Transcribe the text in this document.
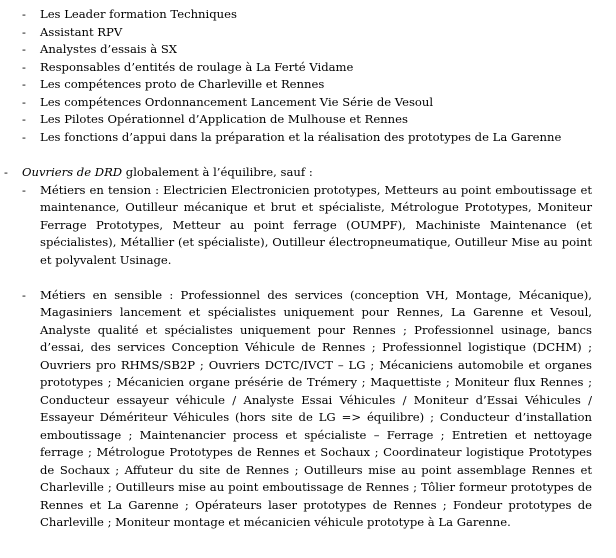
- Les Leader formation Techniques
- Assistant RPV
- Analystes d’essais à SX
- Responsables d’entités de roulage à La Ferté Vidame
- Les compétences proto de Charleville et Rennes
- Les compétences Ordonnancement Lancement Vie Série de Vesoul
- Les Pilotes Opérationnel d’Application de Mulhouse et Rennes
- Les fonctions d’appui dans la préparation et la réalisation des prototypes de La Garenne
- Ouvriers de DRD globalement à l’équilibre, sauf :
- Métiers en tension : Electricien Electronicien prototypes, Metteurs au point emboutissage et maintenance, Outilleur mécanique et brut et spécialiste, Métrologue Prototypes, Moniteur Ferrage Prototypes, Metteur au point ferrage (OUMPF), Machiniste Maintenance (et spécialistes), Métallier (et spécialiste), Outilleur électropneumatique, Outilleur Mise au point et polyvalent Usinage.
- Métiers en sensible : Professionnel des services (conception VH, Montage, Mécanique), Magasiniers lancement et spécialistes uniquement pour Rennes, La Garenne et Vesoul, Analyste qualité et spécialistes uniquement pour Rennes ; Professionnel usinage, bancs d’essai, des services Conception Véhicule de Rennes ; Professionnel logistique (DCHM) ; Ouvriers pro RHMS/SB2P ; Ouvriers DCTC/IVCT – LG ; Mécaniciens automobile et organes prototypes ; Mécanicien organe présérie de Trémery ; Maquettiste ; Moniteur flux Rennes ; Conducteur essayeur véhicule / Analyste Essai Véhicules / Moniteur d’Essai Véhicules / Essayeur Démériteur Véhicules (hors site de LG => équilibre) ; Conducteur d’installation emboutissage ; Maintenancier process et spécialiste – Ferrage ; Entretien et nettoyage ferrage ; Métrologue Prototypes de Rennes et Sochaux ; Coordinateur logistique Prototypes de Sochaux ; Affuteur du site de Rennes ; Outilleurs mise au point assemblage Rennes et Charleville ; Outilleurs mise au point emboutissage de Rennes ; Tôlier formeur prototypes de Rennes et La Garenne ; Opérateurs laser prototypes de Rennes ; Fondeur prototypes de Charleville ; Moniteur montage et mécanicien véhicule prototype à La Garenne.
